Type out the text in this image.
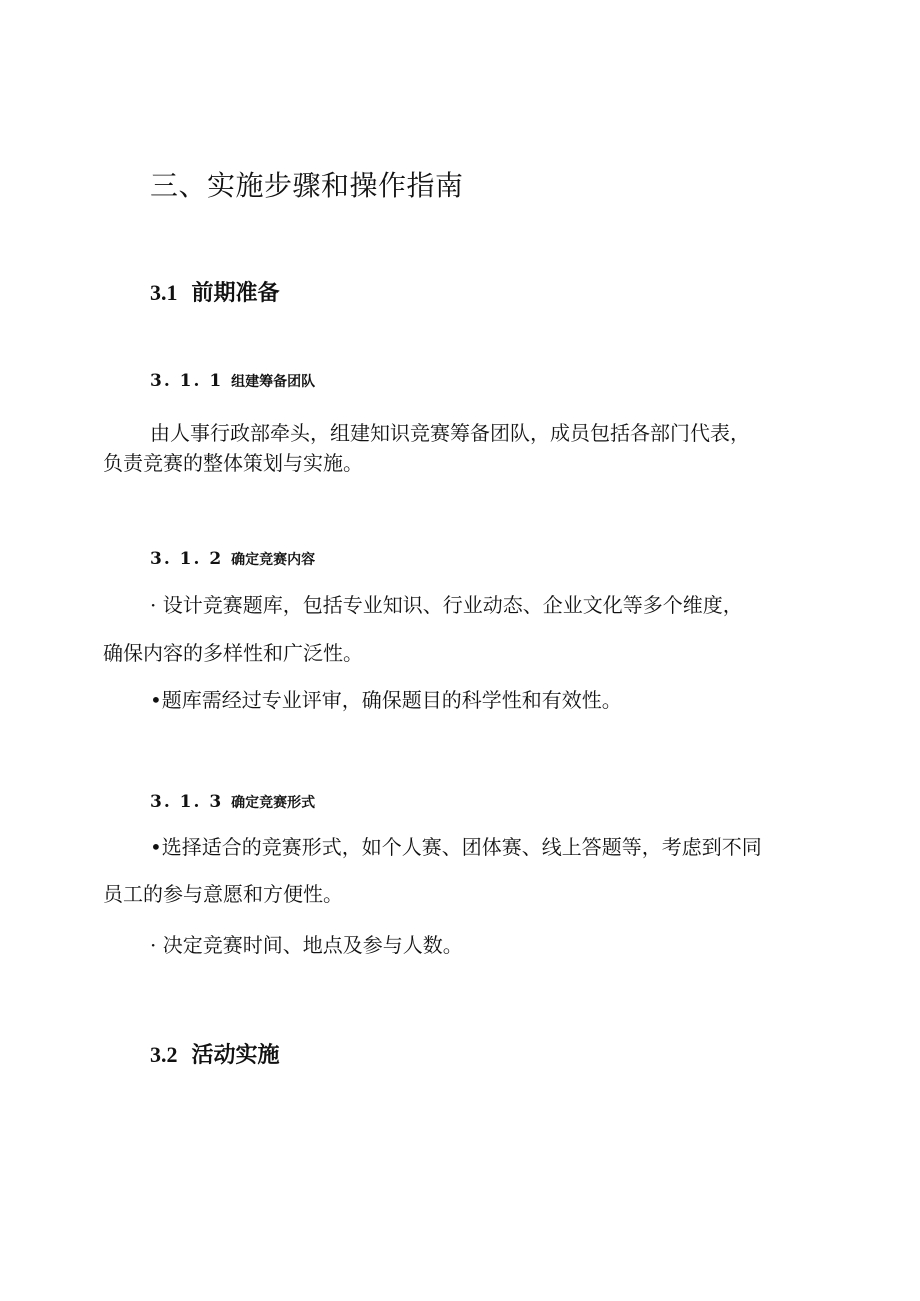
三、实施步骤和操作指南
3.1 前期准备
3. 1. 1 组建筹备团队

由人事行政部牵头，组建知识竞赛筹备团队，成员包括各部门代表，

负责竞赛的整体策划与实施。

3. 1. 2 确定竞赛内容

· 设计竞赛题库，包括专业知识、行业动态、企业文化等多个维度，

确保内容的多样性和广泛性。

•题库需经过专业评审，确保题目的科学性和有效性。

3. 1. 3 确定竞赛形式

•选择适合的竞赛形式，如个人赛、团体赛、线上答题等，考虑到不同

员工的参与意愿和方便性。

· 决定竞赛时间、地点及参与人数。

3.2 活动实施
